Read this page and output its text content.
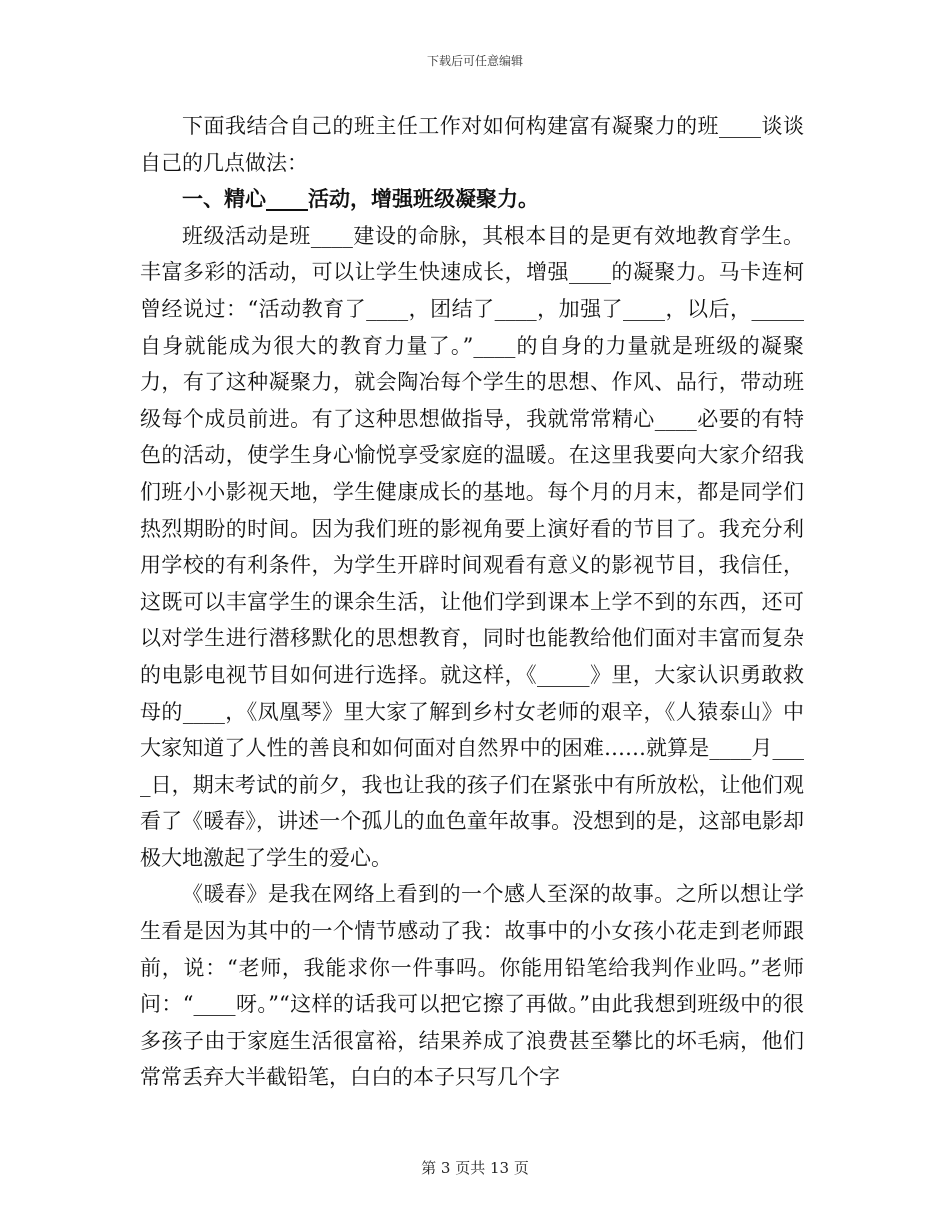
下载后可任意编辑

下面我结合自己的班主任工作对如何构建富有凝聚力的班____谈谈自己的几点做法：

一、精心____活动，增强班级凝聚力。

班级活动是班____建设的命脉，其根本目的是更有效地教育学生。丰富多彩的活动，可以让学生快速成长，增强____的凝聚力。马卡连柯曾经说过：“活动教育了____，团结了____，加强了____，以后，_____自身就能成为很大的教育力量了。”____的自身的力量就是班级的凝聚力，有了这种凝聚力，就会陶冶每个学生的思想、作风、品行，带动班级每个成员前进。有了这种思想做指导，我就常常精心____必要的有特色的活动，使学生身心愉悦享受家庭的温暖。在这里我要向大家介绍我们班小小影视天地，学生健康成长的基地。每个月的月末，都是同学们热烈期盼的时间。因为我们班的影视角要上演好看的节目了。我充分利用学校的有利条件，为学生开辟时间观看有意义的影视节目，我信任，这既可以丰富学生的课余生活，让他们学到课本上学不到的东西，还可以对学生进行潜移默化的思想教育，同时也能教给他们面对丰富而复杂的电影电视节目如何进行选择。就这样，《_____》里，大家认识勇敢救母的____，《凤凰琴》里大家了解到乡村女老师的艰辛，《人猿泰山》中大家知道了人性的善良和如何面对自然界中的困难……就算是____月____日，期末考试的前夕，我也让我的孩子们在紧张中有所放松，让他们观看了《暖春》，讲述一个孤儿的血色童年故事。没想到的是，这部电影却极大地激起了学生的爱心。

《暖春》是我在网络上看到的一个感人至深的故事。之所以想让学生看是因为其中的一个情节感动了我：故事中的小女孩小花走到老师跟前，说：“老师，我能求你一件事吗。你能用铅笔给我判作业吗。”老师问：“____呀。”“这样的话我可以把它擦了再做。”由此我想到班级中的很多孩子由于家庭生活很富裕，结果养成了浪费甚至攀比的坏毛病，他们常常丢弃大半截铅笔，白白的本子只写几个字

第 3 页共 13 页
